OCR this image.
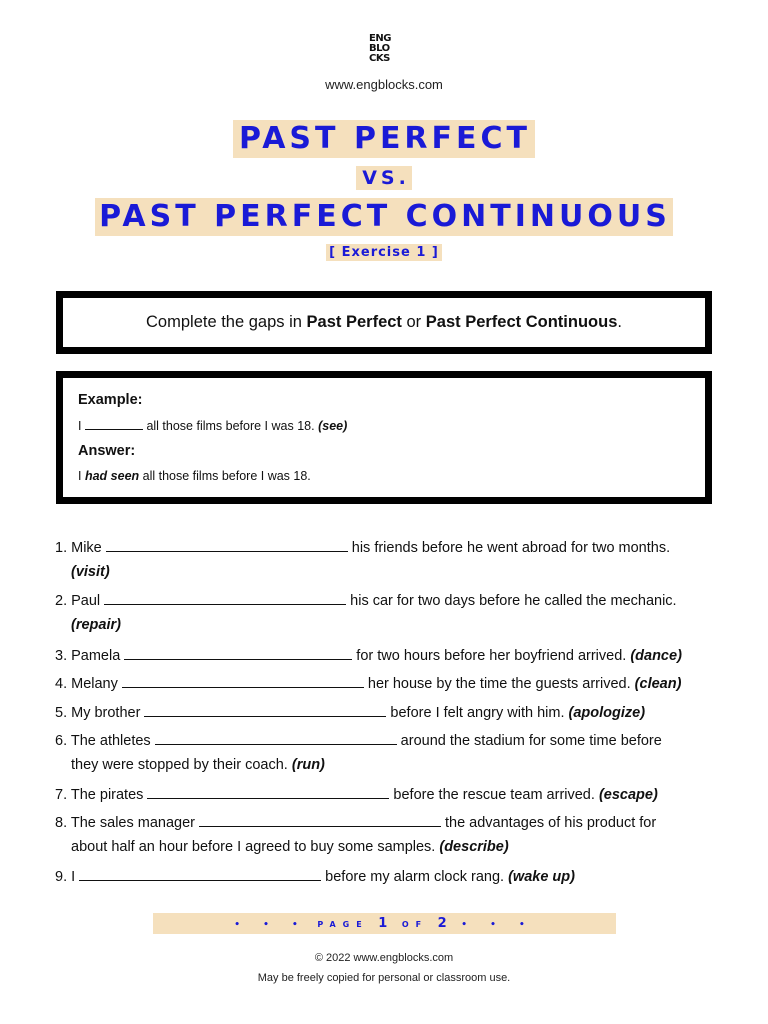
ENG
BLO
CKS
www.engblocks.com
PAST PERFECT
VS.
PAST PERFECT CONTINUOUS
[ Exercise 1 ]
Complete the gaps in Past Perfect or Past Perfect Continuous.
Example:
I	all those films before I was 18. (see)
Answer:
I had seen all those films before I was 18.
1. Mike	his friends before he went abroad for two months.
(visit)
2. Paul	his car for two days before he called the mechanic.
(repair)
3. Pamela	for two hours before her boyfriend arrived. (dance)
4. Melany	her house by the time the guests arrived. (clean)
5. My brother	before I felt angry with him. (apologize)
6. The athletes	around the stadium for some time before
they were stopped by their coach. (run)
7. The pirates	before the rescue team arrived. (escape)
8. The sales manager	the advantages of his product for
about half an hour before I agreed to buy some samples. (describe)
9. I	before my alarm clock rang. (wake up)
• • • PAGE 1 OF 2 • • •
© 2022 www.engblocks.com
May be freely copied for personal or classroom use.
